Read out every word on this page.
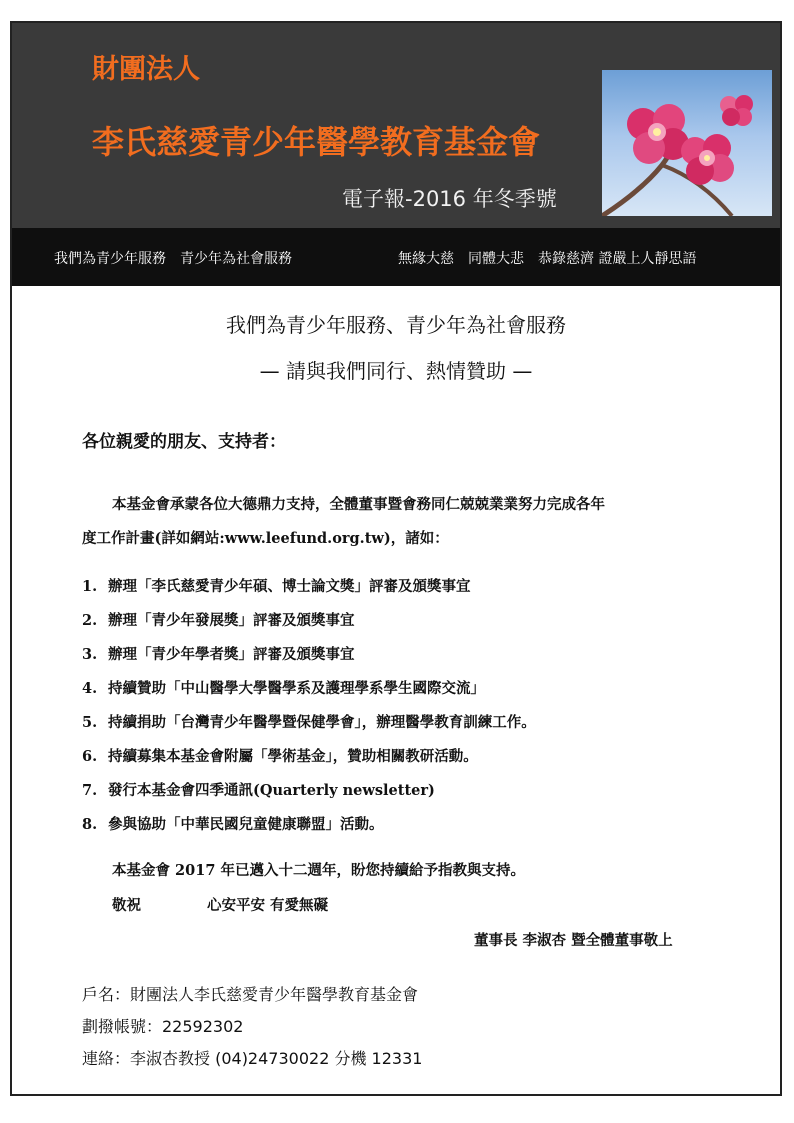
財團法人
李氏慈愛青少年醫學教育基金會
電子報-2016 年冬季號
我們為青少年服務　青少年為社會服務	無緣大慈　同體大悲　恭錄慈濟 證嚴上人靜思語
我們為青少年服務、青少年為社會服務
— 請與我們同行、熱情贊助 —
各位親愛的朋友、支持者：
本基金會承蒙各位大德鼎力支持，全體董事暨會務同仁兢兢業業努力完成各年
度工作計畫(詳如網站:www.leefund.org.tw)，諸如：
1. 辦理「李氏慈愛青少年碩、博士論文獎」評審及頒獎事宜
2. 辦理「青少年發展獎」評審及頒獎事宜
3. 辦理「青少年學者獎」評審及頒獎事宜
4. 持續贊助「中山醫學大學醫學系及護理學系學生國際交流」
5. 持續捐助「台灣青少年醫學暨保健學會」，辦理醫學教育訓練工作。
6. 持續募集本基金會附屬「學術基金」，贊助相關教研活動。
7. 發行本基金會四季通訊(Quarterly newsletter)
8. 參與協助「中華民國兒童健康聯盟」活動。
本基金會 2017 年已邁入十二週年，盼您持續給予指教與支持。
敬祝	心安平安 有愛無礙
董事長 李淑杏 暨全體董事敬上
戶名：財團法人李氏慈愛青少年醫學教育基金會
劃撥帳號：22592302
連絡：李淑杏教授 (04)24730022 分機 12331
